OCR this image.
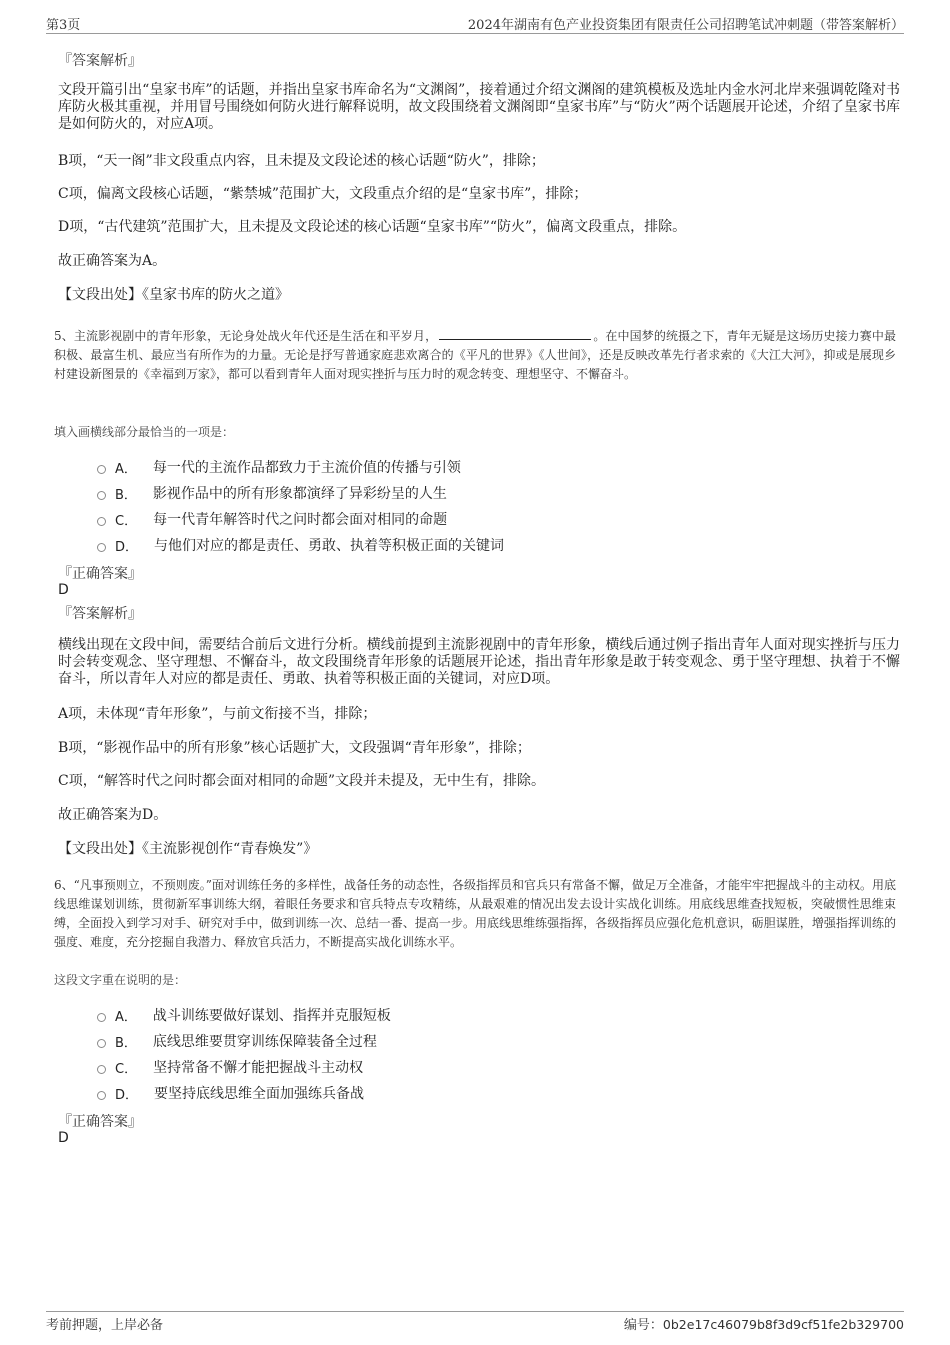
第3页	2024年湖南有色产业投资集团有限责任公司招聘笔试冲刺题（带答案解析）
『答案解析』
文段开篇引出“皇家书库”的话题，并指出皇家书库命名为“文渊阁”，接着通过介绍文渊阁的建筑模板及选址内金水河北岸来强调乾隆对书库防火极其重视，并用冒号围绕如何防火进行解释说明，故文段围绕着文渊阁即“皇家书库”与“防火”两个话题展开论述，介绍了皇家书库是如何防火的，对应A项。
B项，“天一阁”非文段重点内容，且未提及文段论述的核心话题“防火”，排除；
C项，偏离文段核心话题，“紫禁城”范围扩大，文段重点介绍的是“皇家书库”，排除；
D项，“古代建筑”范围扩大，且未提及文段论述的核心话题“皇家书库”“防火”，偏离文段重点，排除。
故正确答案为A。
【文段出处】《皇家书库的防火之道》
5、主流影视剧中的青年形象，无论身处战火年代还是生活在和平岁月，	。在中国梦的统摄之下，青年无疑是这场历史接力赛中最积极、最富生机、最应当有所作为的力量。无论是抒写普通家庭悲欢离合的《平凡的世界》《人世间》，还是反映改革先行者求索的《大江大河》，抑或是展现乡村建设新图景的《幸福到万家》，都可以看到青年人面对现实挫折与压力时的观念转变、理想坚守、不懈奋斗。
填入画横线部分最恰当的一项是：
A． 每一代的主流作品都致力于主流价值的传播与引领
B． 影视作品中的所有形象都演绎了异彩纷呈的人生
C． 每一代青年解答时代之问时都会面对相同的命题
D． 与他们对应的都是责任、勇敢、执着等积极正面的关键词
『正确答案』
D
『答案解析』
横线出现在文段中间，需要结合前后文进行分析。横线前提到主流影视剧中的青年形象，横线后通过例子指出青年人面对现实挫折与压力时会转变观念、坚守理想、不懈奋斗，故文段围绕青年形象的话题展开论述，指出青年形象是敢于转变观念、勇于坚守理想、执着于不懈奋斗，所以青年人对应的都是责任、勇敢、执着等积极正面的关键词，对应D项。
A项，未体现“青年形象”，与前文衔接不当，排除；
B项，“影视作品中的所有形象”核心话题扩大，文段强调“青年形象”，排除；
C项，“解答时代之问时都会面对相同的命题”文段并未提及，无中生有，排除。
故正确答案为D。
【文段出处】《主流影视创作“青春焕发”》
6、“凡事预则立，不预则废。”面对训练任务的多样性，战备任务的动态性，各级指挥员和官兵只有常备不懈，做足万全准备，才能牢牢把握战斗的主动权。用底线思维谋划训练，贯彻新军事训练大纲，着眼任务要求和官兵特点专攻精练，从最艰难的情况出发去设计实战化训练。用底线思维查找短板，突破惯性思维束缚，全面投入到学习对手、研究对手中，做到训练一次、总结一番、提高一步。用底线思维练强指挥，各级指挥员应强化危机意识，砺胆谋胜，增强指挥训练的强度、难度，充分挖掘自我潜力、释放官兵活力，不断提高实战化训练水平。
这段文字重在说明的是：
A． 战斗训练要做好谋划、指挥并克服短板
B． 底线思维要贯穿训练保障装备全过程
C． 坚持常备不懈才能把握战斗主动权
D． 要坚持底线思维全面加强练兵备战
『正确答案』
D
考前押题，上岸必备	编号：0b2e17c46079b8f3d9cf51fe2b329700
